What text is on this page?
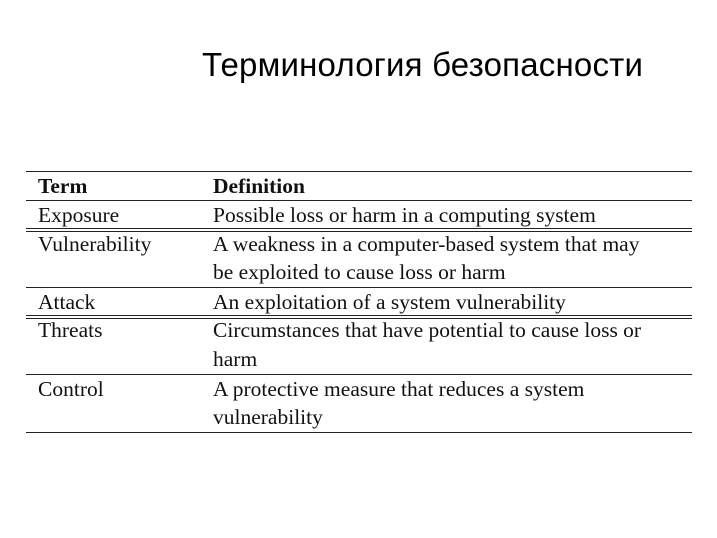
Терминология безопасности
Term	Definition
Exposure	Possible loss or harm in a computing system
Vulnerability	A weakness in a computer-based system that may
be exploited to cause loss or harm
Attack	An exploitation of a system vulnerability
Threats	Circumstances that have potential to cause loss or
harm
Control	A protective measure that reduces a system
vulnerability
